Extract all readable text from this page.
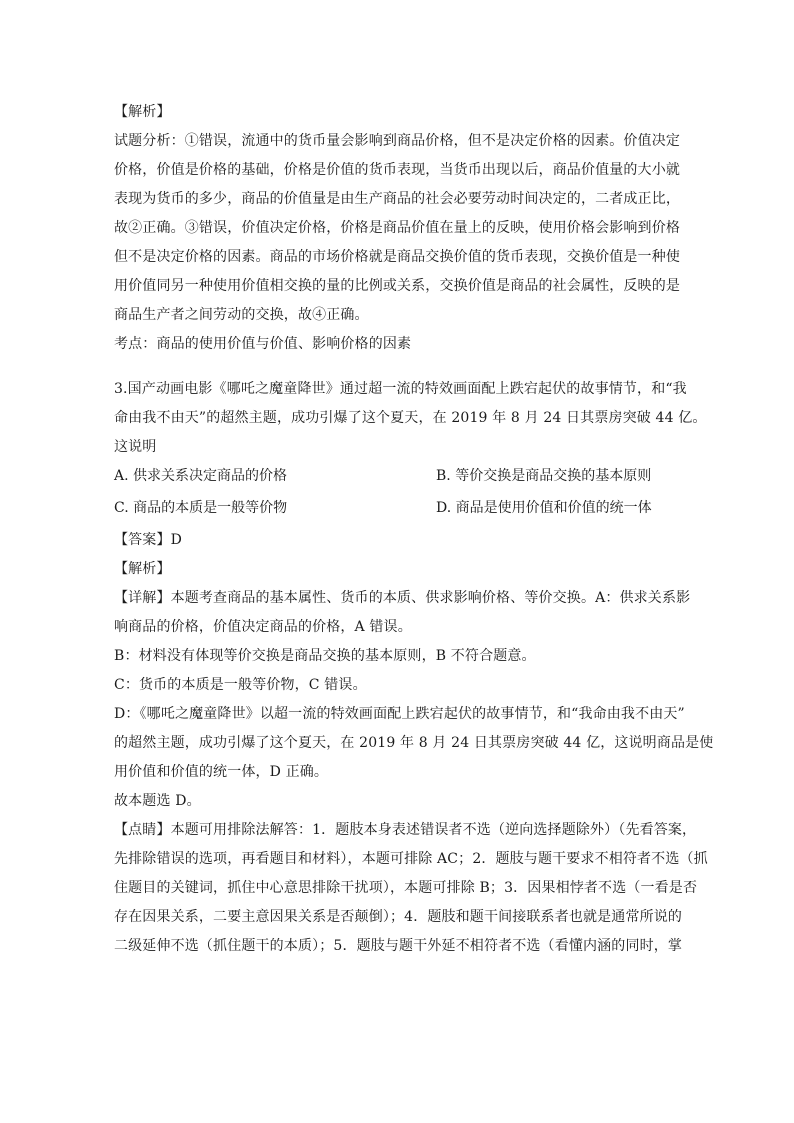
【解析】
试题分析：①错误，流通中的货币量会影响到商品价格，但不是决定价格的因素。价值决定
价格，价值是价格的基础，价格是价值的货币表现，当货币出现以后，商品价值量的大小就
表现为货币的多少，商品的价值量是由生产商品的社会必要劳动时间决定的，二者成正比，
故②正确。③错误，价值决定价格，价格是商品价值在量上的反映，使用价格会影响到价格
但不是决定价格的因素。商品的市场价格就是商品交换价值的货币表现，交换价值是一种使
用价值同另一种使用价值相交换的量的比例或关系，交换价值是商品的社会属性，反映的是
商品生产者之间劳动的交换，故④正确。
考点：商品的使用价值与价值、影响价格的因素
3.国产动画电影《哪吒之魔童降世》通过超一流的特效画面配上跌宕起伏的故事情节，和“我
命由我不由天”的超然主题，成功引爆了这个夏天，在 2019 年 8 月 24 日其票房突破 44 亿。
这说明
A. 供求关系决定商品的价格	B. 等价交换是商品交换的基本原则
C. 商品的本质是一般等价物	D. 商品是使用价值和价值的统一体
【答案】D
【解析】
【详解】本题考查商品的基本属性、货币的本质、供求影响价格、等价交换。A：供求关系影
响商品的价格，价值决定商品的价格，A 错误。
B：材料没有体现等价交换是商品交换的基本原则，B 不符合题意。
C：货币的本质是一般等价物，C 错误。
D：《哪吒之魔童降世》以超一流的特效画面配上跌宕起伏的故事情节，和“我命由我不由天”
的超然主题，成功引爆了这个夏天，在 2019 年 8 月 24 日其票房突破 44 亿，这说明商品是使
用价值和价值的统一体，D 正确。
故本题选 D。
【点睛】本题可用排除法解答：1．题肢本身表述错误者不选（逆向选择题除外）（先看答案，
先排除错误的选项，再看题目和材料），本题可排除 AC；2．题肢与题干要求不相符者不选（抓
住题目的关键词，抓住中心意思排除干扰项），本题可排除 B；3．因果相悖者不选（一看是否
存在因果关系，二要主意因果关系是否颠倒）；4．题肢和题干间接联系者也就是通常所说的
二级延伸不选（抓住题干的本质）；5．题肢与题干外延不相符者不选（看懂内涵的同时，掌
